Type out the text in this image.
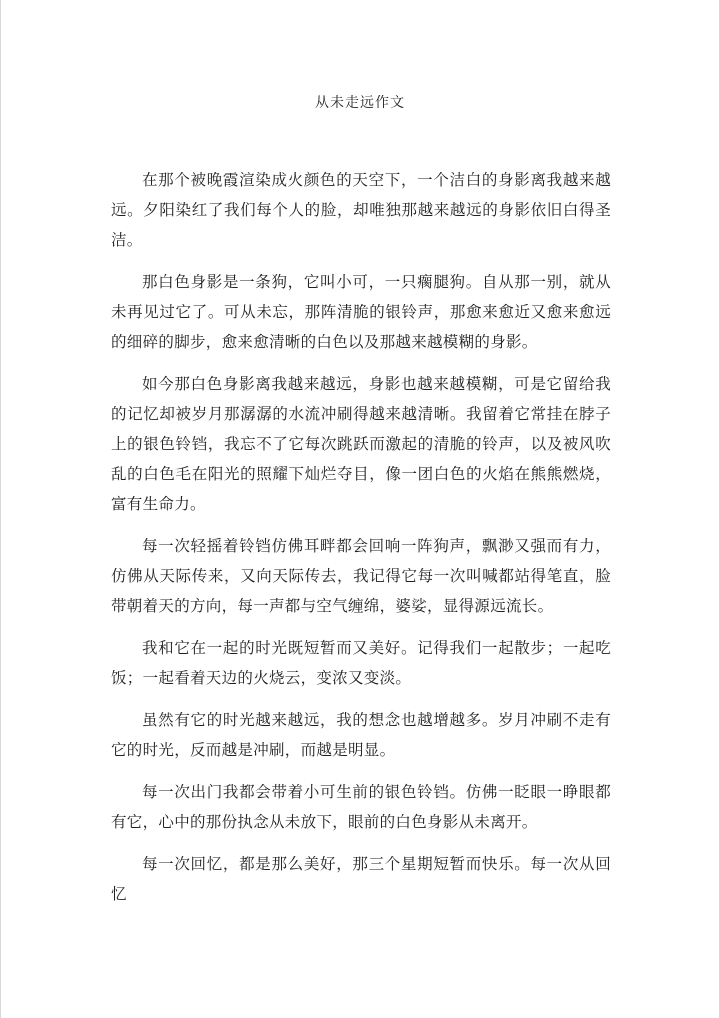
从未走远作文

在那个被晚霞渲染成火颜色的天空下，一个洁白的身影离我越来越远。夕阳染红了我们每个人的脸，却唯独那越来越远的身影依旧白得圣洁。

那白色身影是一条狗，它叫小可，一只瘸腿狗。自从那一别，就从未再见过它了。可从未忘，那阵清脆的银铃声，那愈来愈近又愈来愈远的细碎的脚步，愈来愈清晰的白色以及那越来越模糊的身影。

如今那白色身影离我越来越远，身影也越来越模糊，可是它留给我的记忆却被岁月那潺潺的水流冲刷得越来越清晰。我留着它常挂在脖子上的银色铃铛，我忘不了它每次跳跃而激起的清脆的铃声，以及被风吹乱的白色毛在阳光的照耀下灿烂夺目，像一团白色的火焰在熊熊燃烧，富有生命力。

每一次轻摇着铃铛仿佛耳畔都会回响一阵狗声，飘渺又强而有力，仿佛从天际传来，又向天际传去，我记得它每一次叫喊都站得笔直，脸带朝着天的方向，每一声都与空气缠绵，婆娑，显得源远流长。

我和它在一起的时光既短暂而又美好。记得我们一起散步；一起吃饭；一起看着天边的火烧云，变浓又变淡。

虽然有它的时光越来越远，我的想念也越增越多。岁月冲刷不走有它的时光，反而越是冲刷，而越是明显。

每一次出门我都会带着小可生前的银色铃铛。仿佛一眨眼一睁眼都有它，心中的那份执念从未放下，眼前的白色身影从未离开。

每一次回忆，都是那么美好，那三个星期短暂而快乐。每一次从回忆
